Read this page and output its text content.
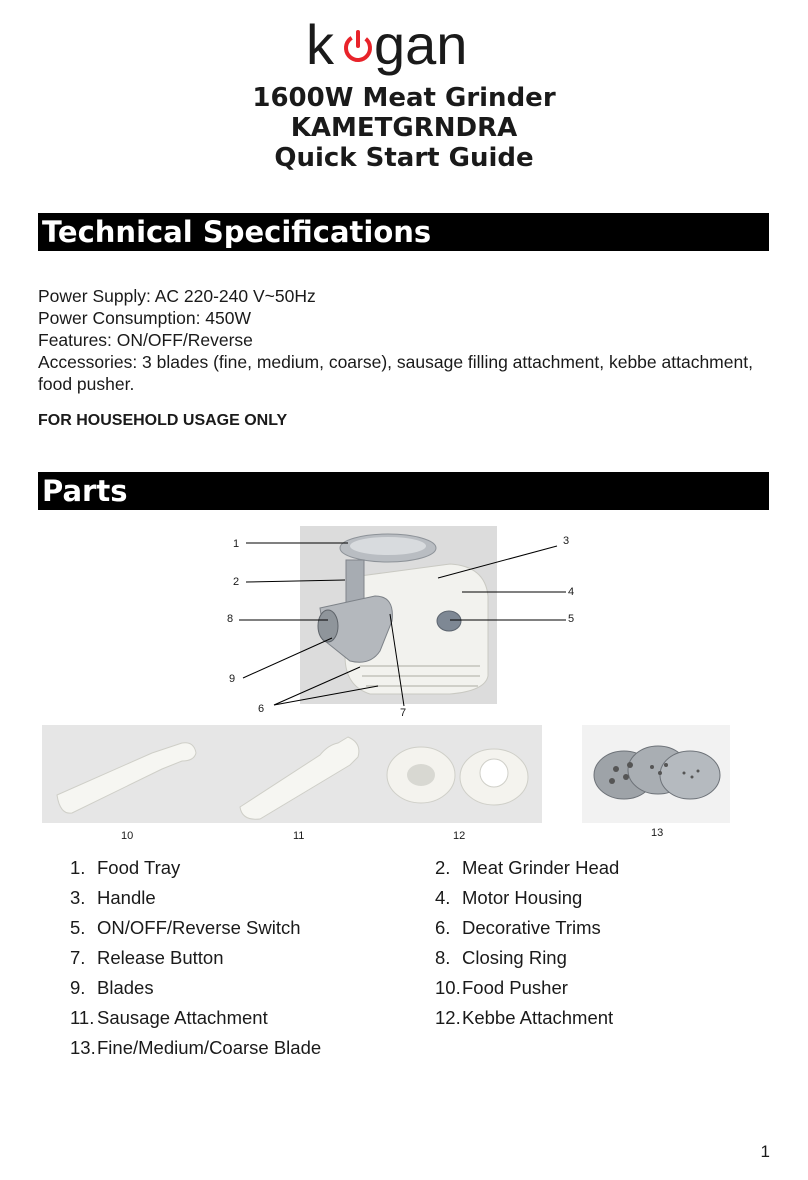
k gan
1600W Meat Grinder
KAMETGRNDRA
Quick Start Guide
Technical Specifications
Power Supply: AC 220-240 V~50Hz
Power Consumption: 450W
Features: ON/OFF/Reverse
Accessories: 3 blades (fine, medium, coarse), sausage filling attachment, kebbe attachment, food pusher.
FOR HOUSEHOLD USAGE ONLY
Parts
1
2
3
4
5
6	7
8
9
10	11	12	13
1. Food Tray	2. Meat Grinder Head
3. Handle	4. Motor Housing
5. ON/OFF/Reverse Switch	6. Decorative Trims
7. Release Button	8. Closing Ring
9. Blades	10.Food Pusher
11. Sausage Attachment	12.Kebbe Attachment
13.Fine/Medium/Coarse Blade
1
